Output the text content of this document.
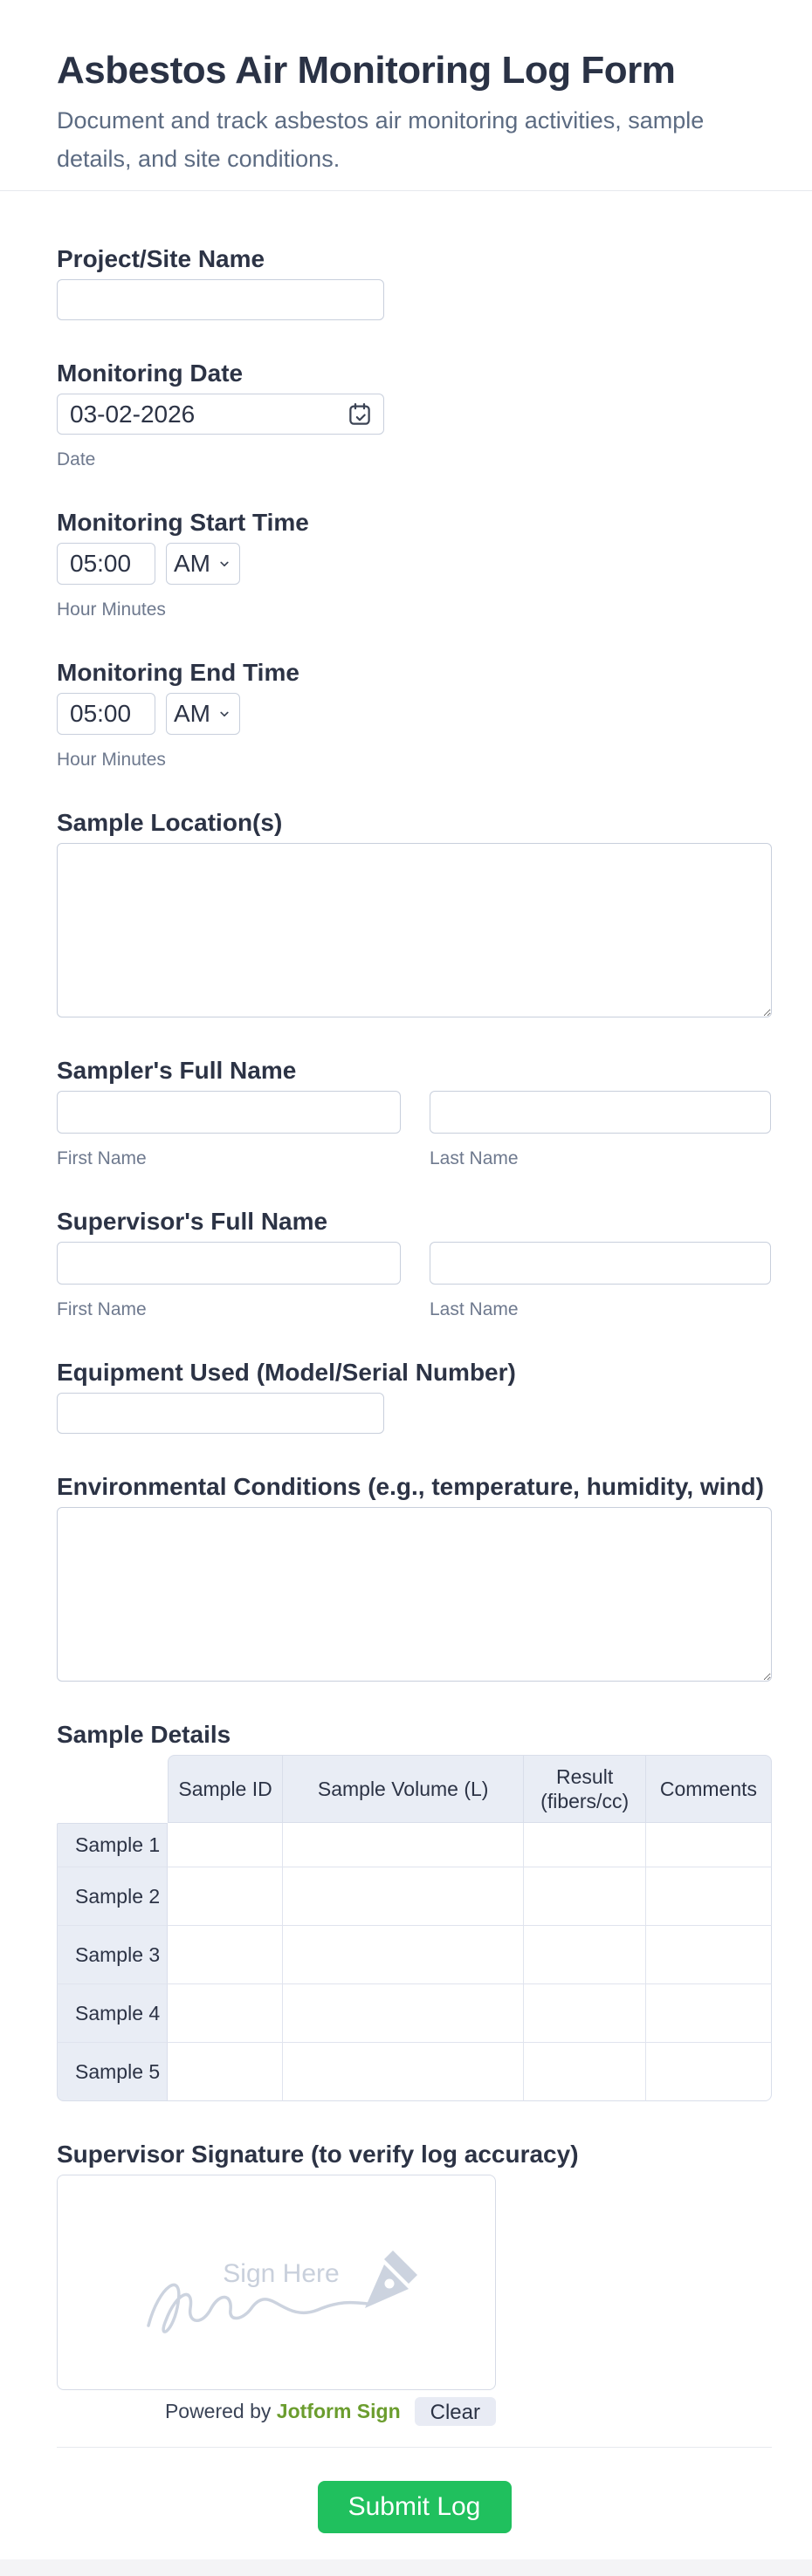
Asbestos Air Monitoring Log Form
Document and track asbestos air monitoring activities, sample details, and site conditions.
Project/Site Name
Monitoring Date
03-02-2026
Date
Monitoring Start Time
05:00
AM
Hour Minutes
Monitoring End Time
05:00
AM
Hour Minutes
Sample Location(s)
Sampler's Full Name
First Name	Last Name
Supervisor's Full Name
First Name	Last Name
Equipment Used (Model/Serial Number)
Environmental Conditions (e.g., temperature, humidity, wind)
Sample Details
	Sample ID	Sample Volume (L)	Result (fibers/cc)	Comments
Sample 1				
Sample 2				
Sample 3				
Sample 4				
Sample 5				
Supervisor Signature (to verify log accuracy)
Sign Here
Powered by Jotform Sign	Clear
Submit Log
